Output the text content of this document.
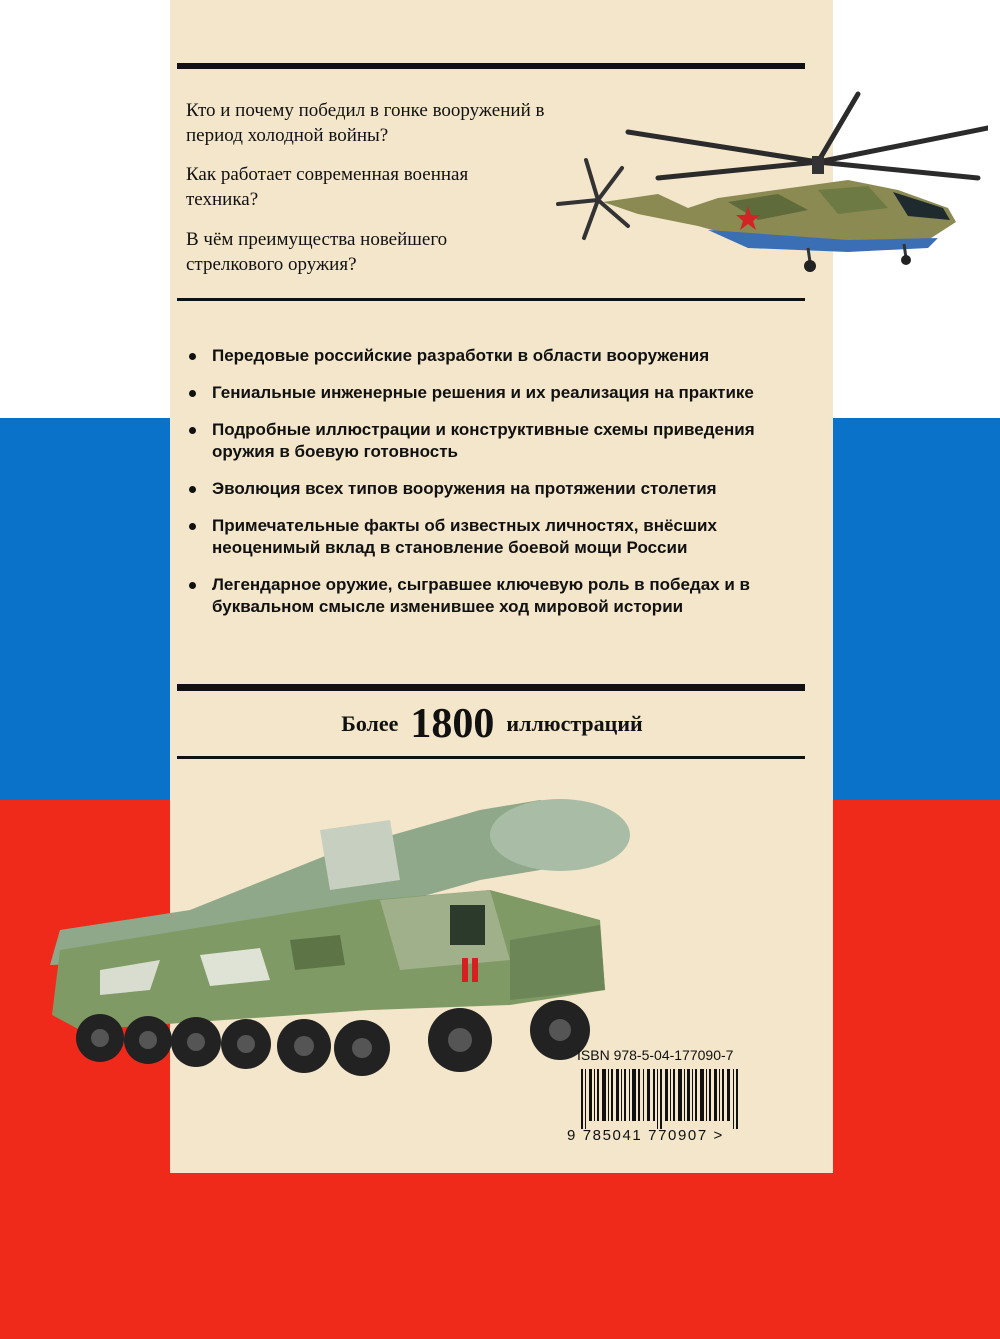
Кто и почему победил в гонке вооружений в период холодной войны?

Как работает современная военная техника?

В чём преимущества новейшего стрелкового оружия?

Передовые российские разработки в области вооружения
Гениальные инженерные решения и их реализация на практике
Подробные иллюстрации и конструктивные схемы приведения оружия в боевую готовность
Эволюция всех типов вооружения на протяжении столетия
Примечательные факты об известных личностях, внёсших неоценимый вклад в становление боевой мощи России
Легендарное оружие, сыгравшее ключевую роль в победах и в буквальном смысле изменившее ход мировой истории
Более 1800 иллюстраций
ISBN 978-5-04-177090-7
9 785041 770907 >
